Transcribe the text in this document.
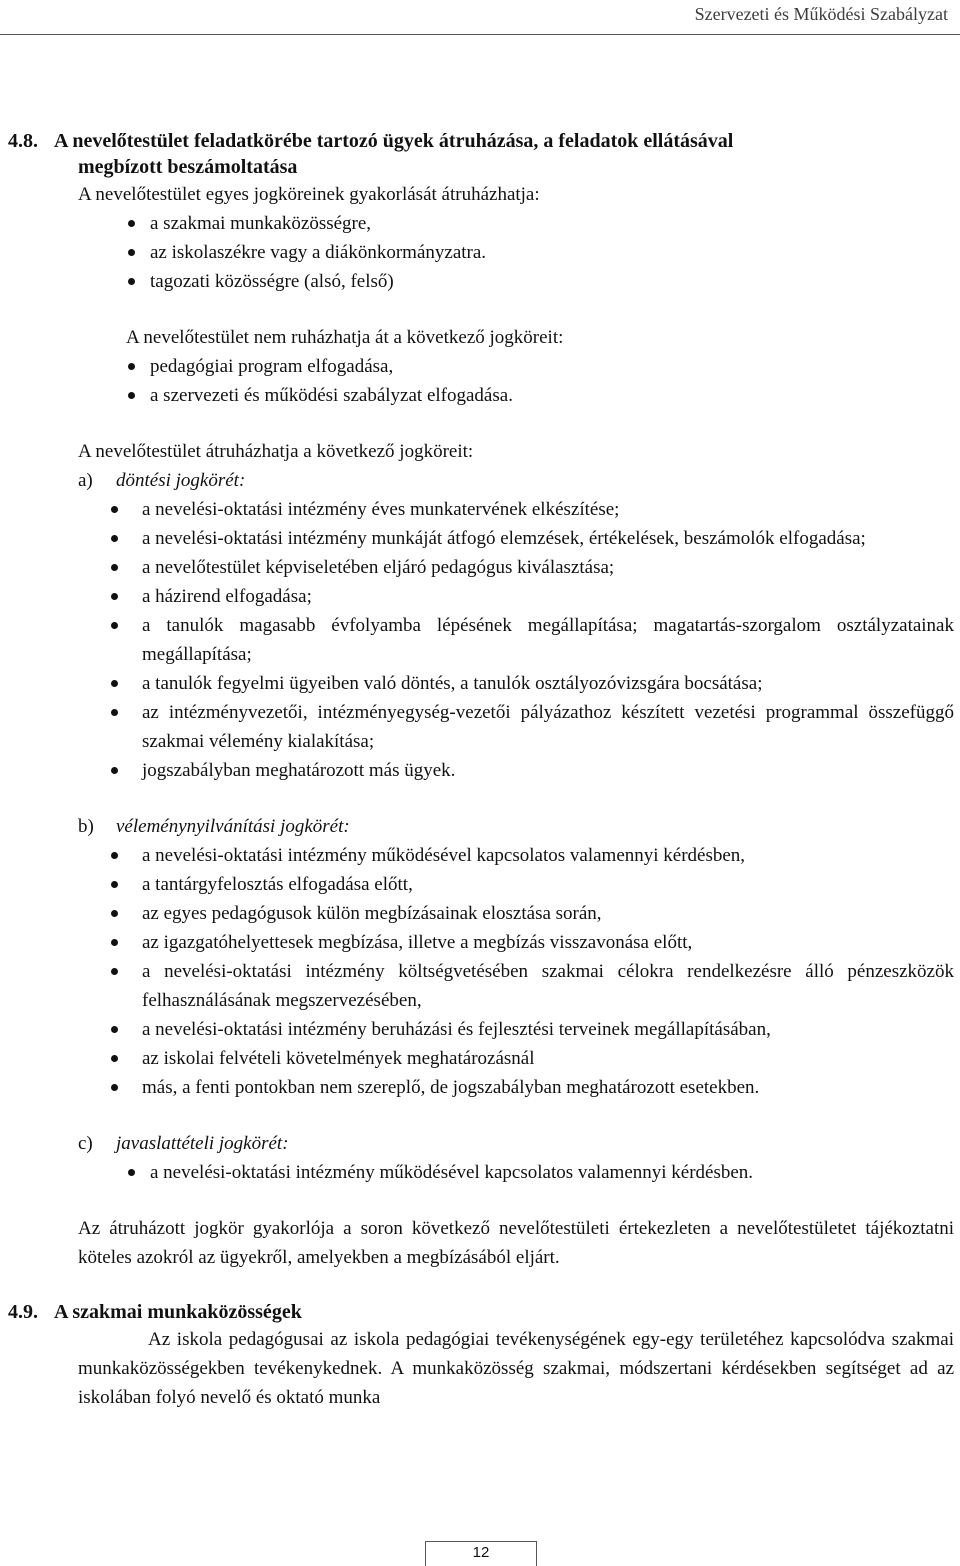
Szervezeti és Működési Szabályzat
4.8. A nevelőtestület feladatkörébe tartozó ügyek átruházása, a feladatok ellátásával
megbízott beszámoltatása

A nevelőtestület egyes jogköreinek gyakorlását átruházhatja:

a szakmai munkaközösségre,
az iskolaszékre vagy a diákönkormányzatra.
tagozati közösségre (alsó, felső)

A nevelőtestület nem ruházhatja át a következő jogköreit:

pedagógiai program elfogadása,
a szervezeti és működési szabályzat elfogadása.

A nevelőtestület átruházhatja a következő jogköreit:

a) döntési jogkörét:
a nevelési-oktatási intézmény éves munkatervének elkészítése;
a nevelési-oktatási intézmény munkáját átfogó elemzések, értékelések, beszámolók elfogadása;
a nevelőtestület képviseletében eljáró pedagógus kiválasztása;
a házirend elfogadása;
a tanulók magasabb évfolyamba lépésének megállapítása; magatartás-szorgalom osztályzatainak megállapítása;
a tanulók fegyelmi ügyeiben való döntés, a tanulók osztályozóvizsgára bocsátása;
az intézményvezetői, intézményegység-vezetői pályázathoz készített vezetési programmal összefüggő szakmai vélemény kialakítása;
jogszabályban meghatározott más ügyek.
b) véleménynyilvánítási jogkörét:
a nevelési-oktatási intézmény működésével kapcsolatos valamennyi kérdésben,
a tantárgyfelosztás elfogadása előtt,
az egyes pedagógusok külön megbízásainak elosztása során,
az igazgatóhelyettesek megbízása, illetve a megbízás visszavonása előtt,
a nevelési-oktatási intézmény költségvetésében szakmai célokra rendelkezésre álló pénzeszközök felhasználásának megszervezésében,
a nevelési-oktatási intézmény beruházási és fejlesztési terveinek megállapításában,
az iskolai felvételi követelmények meghatározásnál
más, a fenti pontokban nem szereplő, de jogszabályban meghatározott esetekben.
c) javaslattételi jogkörét:
a nevelési-oktatási intézmény működésével kapcsolatos valamennyi kérdésben.

Az átruházott jogkör gyakorlója a soron következő nevelőtestületi értekezleten a nevelőtestületet tájékoztatni köteles azokról az ügyekről, amelyekben a megbízásából eljárt.

4.9. A szakmai munkaközösségek

Az iskola pedagógusai az iskola pedagógiai tevékenységének egy-egy területéhez kapcsolódva szakmai munkaközösségekben tevékenykednek. A munkaközösség szakmai, módszertani kérdésekben segítséget ad az iskolában folyó nevelő és oktató munka

12
